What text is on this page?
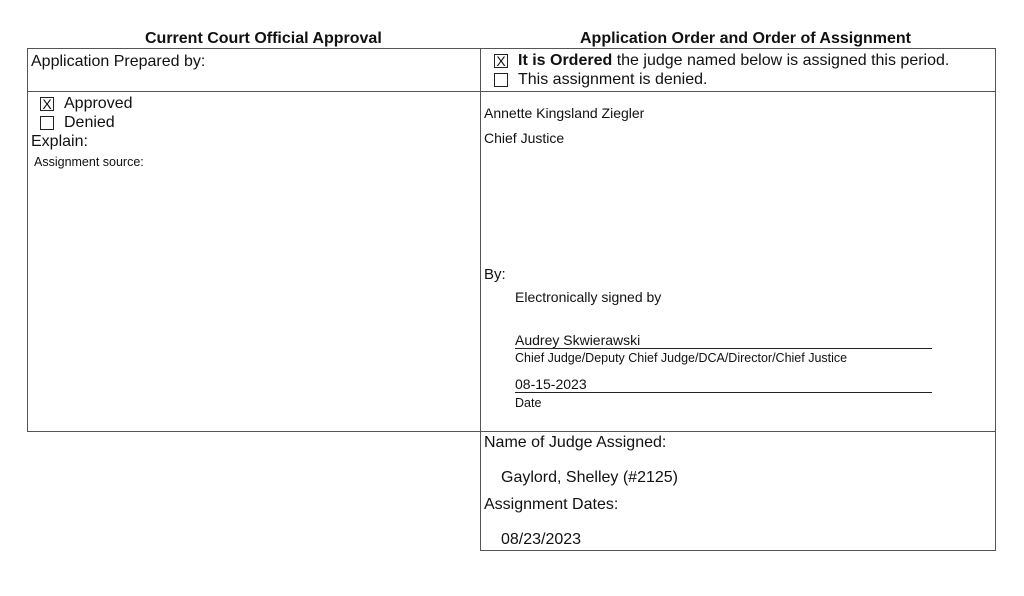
Current Court Official Approval	Application Order and Order of Assignment
Application Prepared by:
X Approved
Denied
Explain:
Assignment source:
X It is Ordered the judge named below is assigned this period.
This assignment is denied.
Annette Kingsland Ziegler
Chief Justice
By:
Electronically signed by
Audrey Skwierawski
Chief Judge/Deputy Chief Judge/DCA/Director/Chief Justice
08-15-2023
Date
Name of Judge Assigned:
Gaylord, Shelley (#2125)
Assignment Dates:
08/23/2023
